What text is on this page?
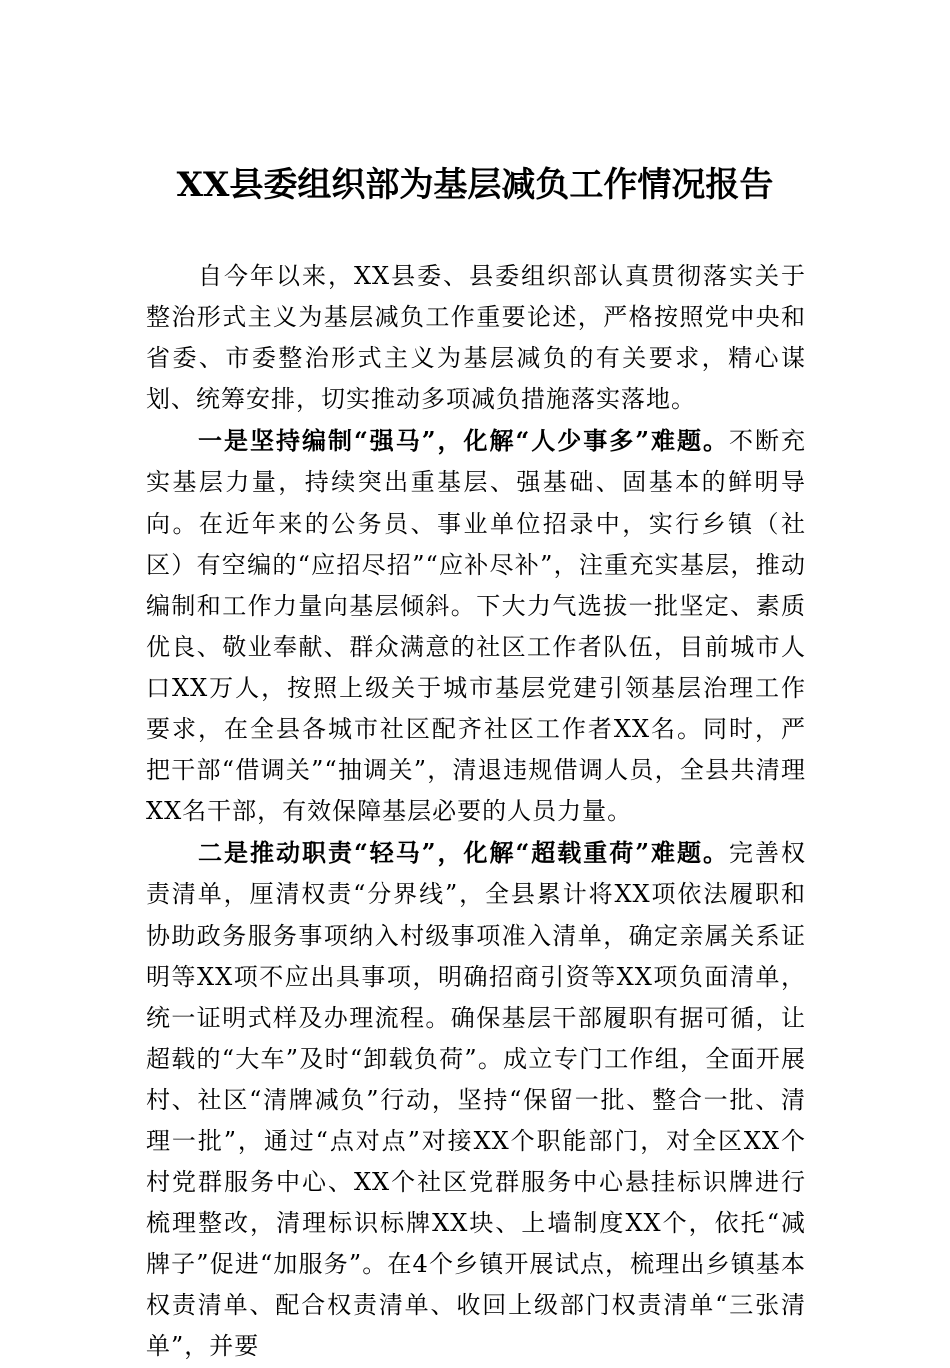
XX县委组织部为基层减负工作情况报告

自今年以来，XX县委、县委组织部认真贯彻落实关于整治形式主义为基层减负工作重要论述，严格按照党中央和省委、市委整治形式主义为基层减负的有关要求，精心谋划、统筹安排，切实推动多项减负措施落实落地。

一是坚持编制“强马”，化解“人少事多”难题。不断充实基层力量，持续突出重基层、强基础、固基本的鲜明导向。在近年来的公务员、事业单位招录中，实行乡镇（社区）有空编的“应招尽招”“应补尽补”，注重充实基层，推动编制和工作力量向基层倾斜。下大力气选拔一批坚定、素质优良、敬业奉献、群众满意的社区工作者队伍，目前城市人口XX万人，按照上级关于城市基层党建引领基层治理工作要求，在全县各城市社区配齐社区工作者XX名。同时，严把干部“借调关”“抽调关”，清退违规借调人员，全县共清理XX名干部，有效保障基层必要的人员力量。

二是推动职责“轻马”，化解“超载重荷”难题。完善权责清单，厘清权责“分界线”，全县累计将XX项依法履职和协助政务服务事项纳入村级事项准入清单，确定亲属关系证明等XX项不应出具事项，明确招商引资等XX项负面清单，统一证明式样及办理流程。确保基层干部履职有据可循，让超载的“大车”及时“卸载负荷”。成立专门工作组，全面开展村、社区“清牌减负”行动，坚持“保留一批、整合一批、清理一批”，通过“点对点”对接XX个职能部门，对全区XX个村党群服务中心、XX个社区党群服务中心悬挂标识牌进行梳理整改，清理标识标牌XX块、上墙制度XX个，依托“减牌子”促进“加服务”。在4个乡镇开展试点，梳理出乡镇基本权责清单、配合权责清单、收回上级部门权责清单“三张清单”，并要
